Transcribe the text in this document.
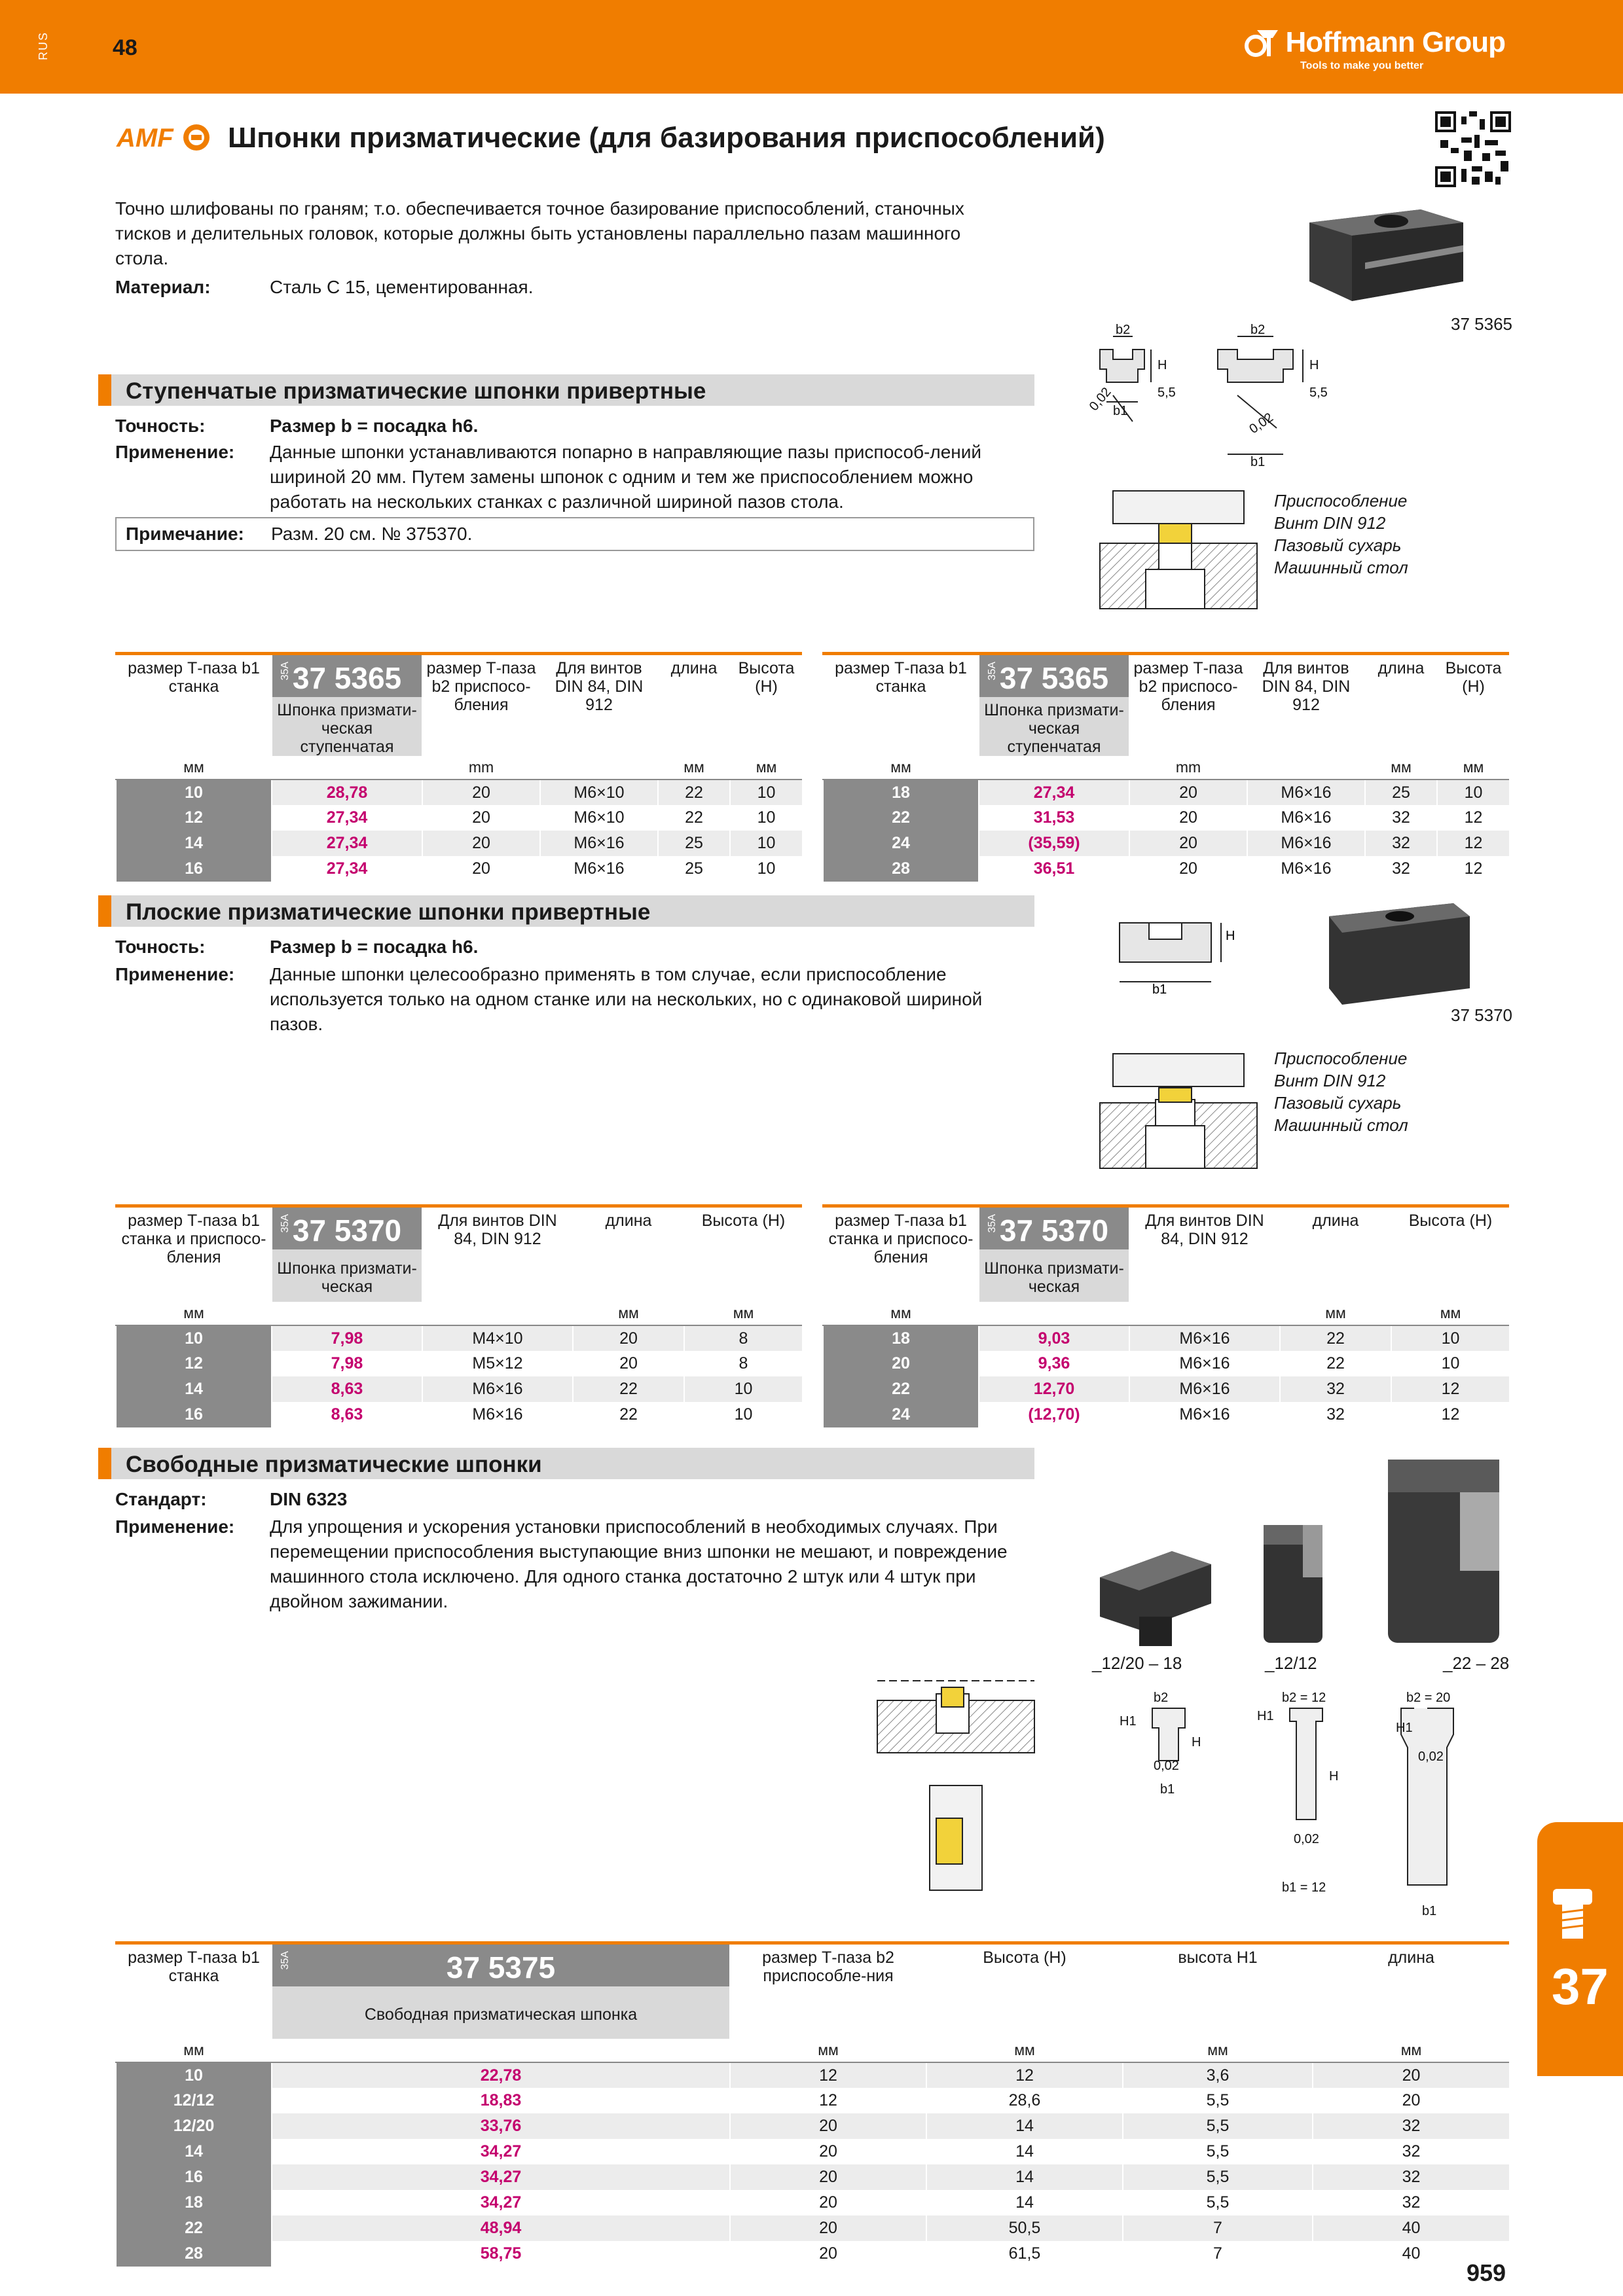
RUS	48	Hoffmann Group
Tools to make you better
AMF Шпонки призматические (для базирования приспособлений)
Точно шлифованы по граням; т.о. обеспечивается точное базирование приспособлений, станочных тисков и делительных головок, которые должны быть установлены параллельно пазам машинного стола.
Материал:	Сталь С 15, цементированная.
37 5365
b2
H
b1
b2
H
b1
5,5	5,5
0,02
0,02
Приспособление
Винт DIN 912
Пазовый сухарь
Машинный стол
Ступенчатые призматические шпонки привертные
Точность:	Размер b = посадка h6.
Применение: Данные шпонки устанавливаются попарно в направляющие пазы приспособ-лений шириной 20 мм. Путем замены шпонок с одним и тем же приспособлением можно работать на нескольких станках с различной шириной пазов стола.
Примечание: Разм. 20 см. № 375370.
размер Т-паза b1 станка	35A 37 5365	размер Т-паза b2 приспосо-бления	Для винтов DIN 84, DIN 912	длина	Высота (H)
	Шпонка призмати-ческая ступенчатая				
мм		mm		мм	мм
10	28,78	20	M6×10	22	10
12	27,34	20	M6×10	22	10
14	27,34	20	M6×16	25	10
16	27,34	20	M6×16	25	10
размер Т-паза b1 станка	35A 37 5365	размер Т-паза b2 приспосо-бления	Для винтов DIN 84, DIN 912	длина	Высота (H)
	Шпонка призмати-ческая ступенчатая				
мм		mm		мм	мм
18	27,34	20	M6×16	25	10
22	31,53	20	M6×16	32	12
24	(35,59)	20	M6×16	32	12
28	36,51	20	M6×16	32	12
Плоские призматические шпонки привертные
Точность:	Размер b = посадка h6.
Применение: Данные шпонки целесообразно применять в том случае, если приспособление используется только на одном станке или на нескольких, но с одинаковой шириной пазов.
b1
H
37 5370
Приспособление
Винт DIN 912
Пазовый сухарь
Машинный стол
размер Т-паза b1 станка и приспосо-бления	35A 37 5370	Для винтов DIN 84, DIN 912	длина	Высота (H)
	Шпонка призмати-ческая			
мм			мм	мм
10	7,98	M4×10	20	8
12	7,98	M5×12	20	8
14	8,63	M6×16	22	10
16	8,63	M6×16	22	10
размер Т-паза b1 станка и приспосо-бления	35A 37 5370	Для винтов DIN 84, DIN 912	длина	Высота (H)
	Шпонка призмати-ческая			
мм			мм	мм
18	9,03	M6×16	22	10
20	9,36	M6×16	22	10
22	12,70	M6×16	32	12
24	(12,70)	M6×16	32	12
Свободные призматические шпонки
Стандарт:	DIN 6323
Применение: Для упрощения и ускорения установки приспособлений в необходимых случаях. При перемещении приспособления выступающие вниз шпонки не мешают, и повреждение машинного стола исключено. Для одного станка достаточно 2 штук или 4 штук при двойном зажимании.
_12/20 – 18	_12/12	_22 – 28
b2
H1
H
0,02
b1
b2 = 12
H1
H
0,02
b1 = 12
b2 = 20
H1
0,02
b1
размер Т-паза b1 станка	35A 37 5375	размер Т-паза b2 приспособле-ния	Высота (H)	высота H1	длина
	Свободная призматическая шпонка				
мм		мм	мм	мм	мм
10	22,78	12	12	3,6	20
12/12	18,83	12	28,6	5,5	20
12/20	33,76	20	14	5,5	32
14	34,27	20	14	5,5	32
16	34,27	20	14	5,5	32
18	34,27	20	14	5,5	32
22	48,94	20	50,5	7	40
28	58,75	20	61,5	7	40
37
959
